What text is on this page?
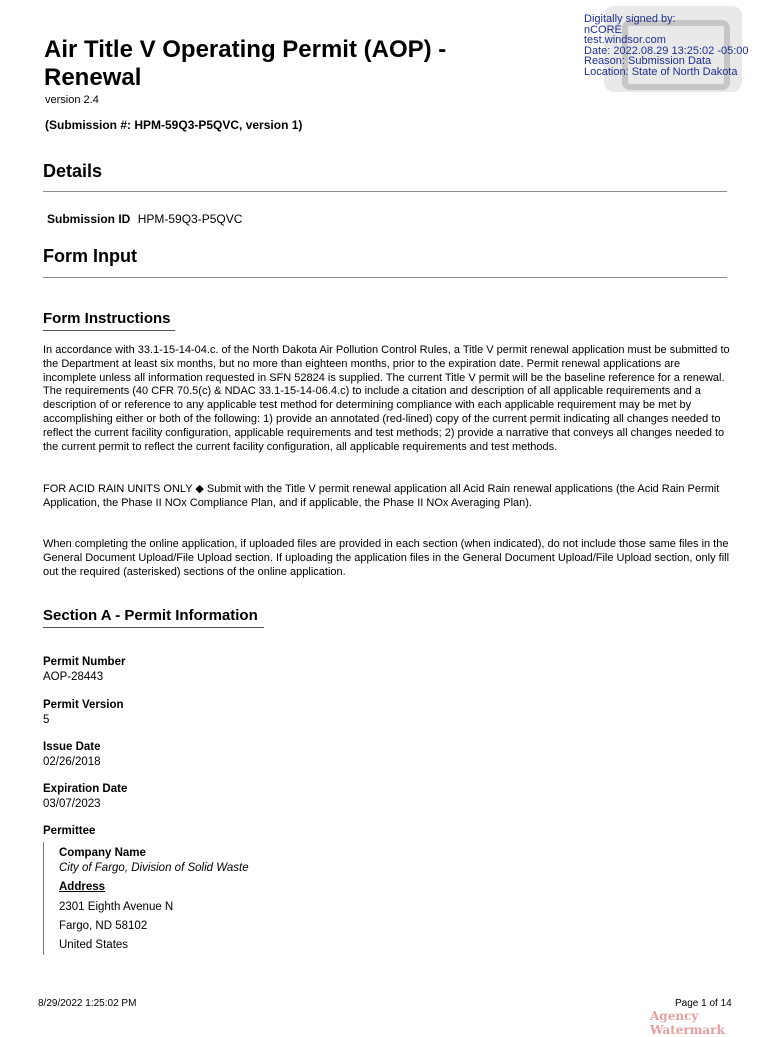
Digitally signed by:
nCORE
test.windsor.com
Date: 2022.08.29 13:25:02 -05:00
Reason: Submission Data
Location: State of North Dakota
Air Title V Operating Permit (AOP) - Renewal
version 2.4
(Submission #: HPM-59Q3-P5QVC, version 1)
Details
Submission ID HPM-59Q3-P5QVC
Form Input
Form Instructions
In accordance with 33.1-15-14-04.c. of the North Dakota Air Pollution Control Rules, a Title V permit renewal application must be submitted to the Department at least six months, but no more than eighteen months, prior to the expiration date. Permit renewal applications are incomplete unless all information requested in SFN 52824 is supplied. The current Title V permit will be the baseline reference for a renewal. The requirements (40 CFR 70.5(c) & NDAC 33.1-15-14-06.4.c) to include a citation and description of all applicable requirements and a description of or reference to any applicable test method for determining compliance with each applicable requirement may be met by accomplishing either or both of the following: 1) provide an annotated (red-lined) copy of the current permit indicating all changes needed to reflect the current facility configuration, applicable requirements and test methods; 2) provide a narrative that conveys all changes needed to the current permit to reflect the current facility configuration, all applicable requirements and test methods.
FOR ACID RAIN UNITS ONLY ◆ Submit with the Title V permit renewal application all Acid Rain renewal applications (the Acid Rain Permit Application, the Phase II NOx Compliance Plan, and if applicable, the Phase II NOx Averaging Plan).
When completing the online application, if uploaded files are provided in each section (when indicated), do not include those same files in the General Document Upload/File Upload section. If uploading the application files in the General Document Upload/File Upload section, only fill out the required (asterisked) sections of the online application.
Section A - Permit Information
Permit Number
AOP-28443
Permit Version
5
Issue Date
02/26/2018
Expiration Date
03/07/2023
Permittee
Company Name
City of Fargo, Division of Solid Waste
Address
2301 Eighth Avenue N
Fargo, ND 58102
United States
8/29/2022 1:25:02 PM	Page 1 of 14
Agency Watermark
